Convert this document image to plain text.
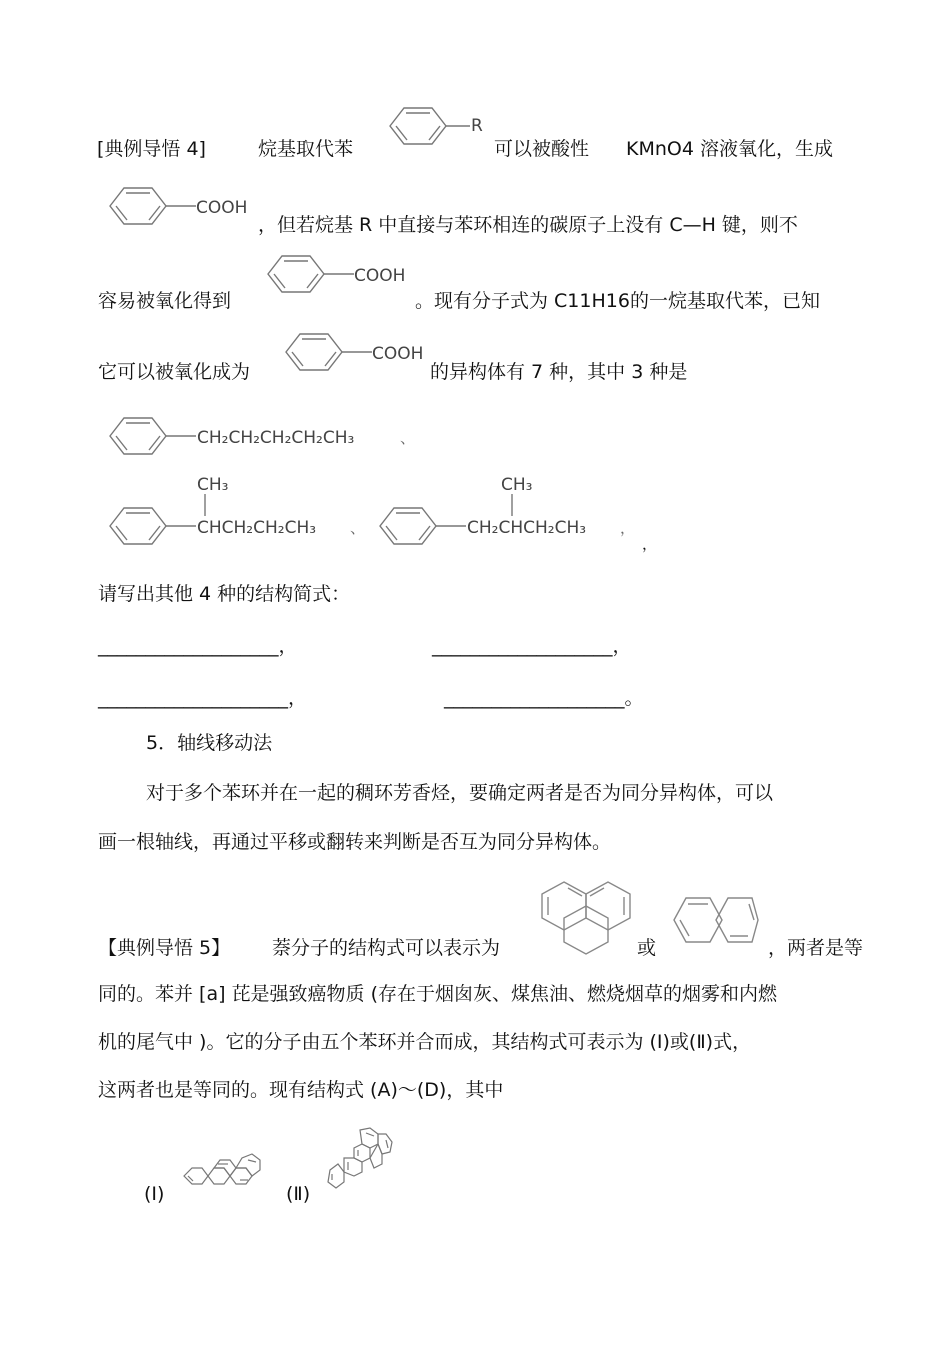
[典例导悟 4]	烷基取代苯
R
可以被酸性 KMnO4 溶液氧化，生成
COOH
，但若烷基 R 中直接与苯环相连的碳原子上没有 C—H 键，则不
容易被氧化得到
COOH
。现有分子式为 C11H16的一烷基取代苯，已知
它可以被氧化成为
COOH
的异构体有 7 种，其中 3 种是
CH₂CH₂CH₂CH₂CH₃	、
CH₃
CHCH₂CH₂CH₃ 、
CH₃
CH₂CHCH₂CH₃ ，
，
请写出其他 4 种的结构简式：
___________________，	___________________，
____________________，	___________________。
5．轴线移动法
对于多个苯环并在一起的稠环芳香烃，要确定两者是否为同分异构体，可以
画一根轴线，再通过平移或翻转来判断是否互为同分异构体。
【典例导悟 5】 萘分子的结构式可以表示为	或	，两者是等
同的。苯并 [a] 芘是强致癌物质 (存在于烟囱灰、煤焦油、燃烧烟草的烟雾和内燃
机的尾气中 )。它的分子由五个苯环并合而成，其结构式可表示为 (Ⅰ)或(Ⅱ)式，
这两者也是等同的。现有结构式 (A)～(D)，其中
(Ⅰ)	(Ⅱ)
